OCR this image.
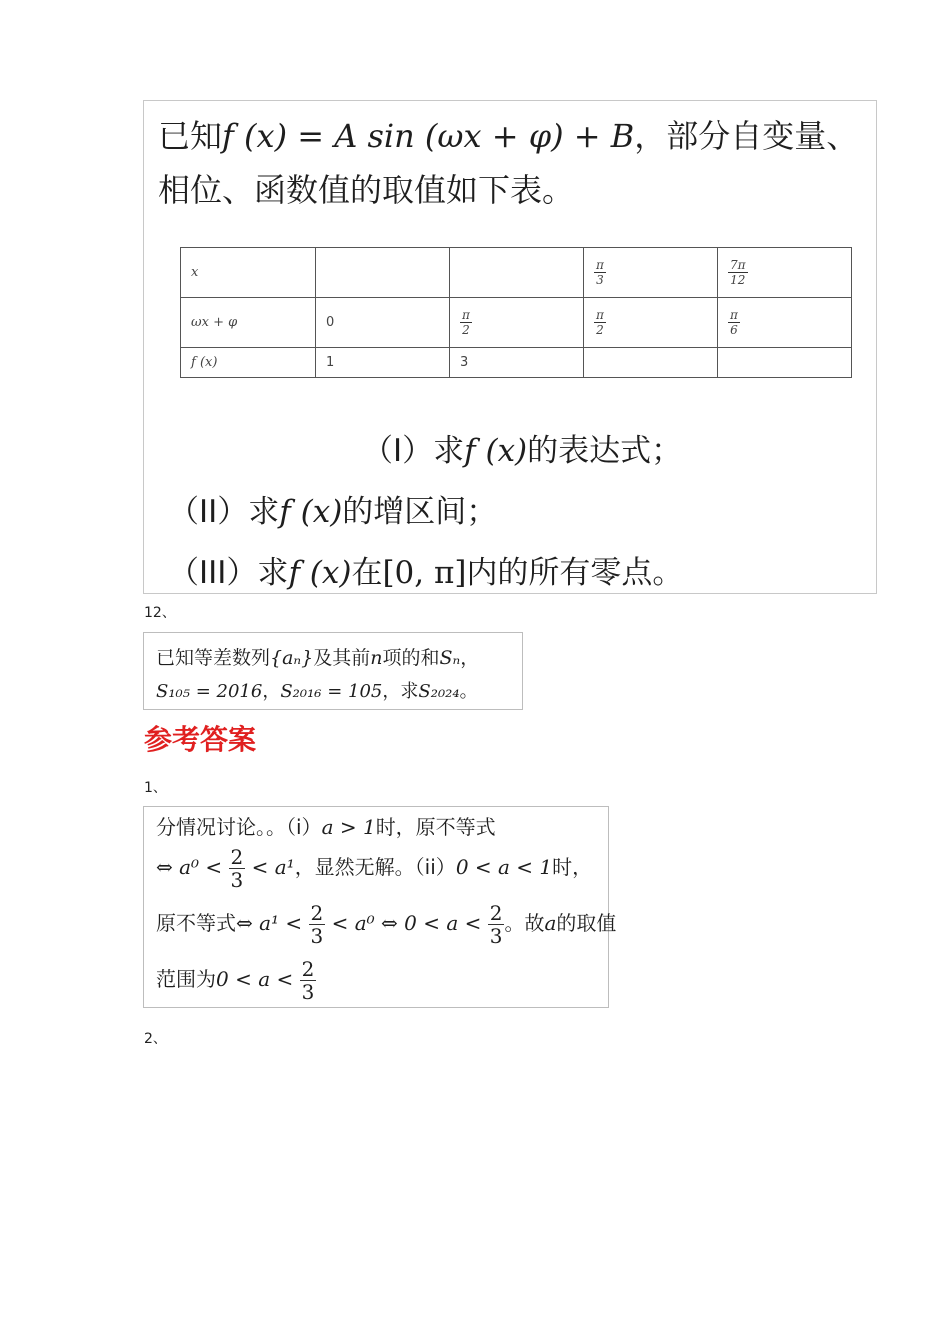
已知f (x) = A sin (ωx + φ) + B，部分自变量、相位、函数值的取值如下表。
x			$\frac{\pi}{3}$	$\frac{7\pi}{12}$

ωx + φ	0	$\frac{\pi}{2}$	$\frac{\pi}{2}$	$\frac{\pi}{6}$

f (x)	1	3		
（I）求f (x)的表达式；
（II）求f (x)的增区间；
（III）求f (x)在[0, π]内的所有零点。
12、
已知等差数列{aₙ}及其前n项的和Sₙ，
S₁₀₅ = 2016，S₂₀₁₆ = 105，求S₂₀₂₄。
参考答案
1、
分情况讨论。。（i）a > 1时，原不等式
⇔ $a^0 < \frac{2}{3} < a^1$，显然无解。（ii）0 < a < 1时，
原不等式⇔ $a^1 < \frac{2}{3} < a^0$ ⇔ $0 < a < \frac{2}{3}$ 。故a的取值
范围为$0 < a < \frac{2}{3}$
2、
